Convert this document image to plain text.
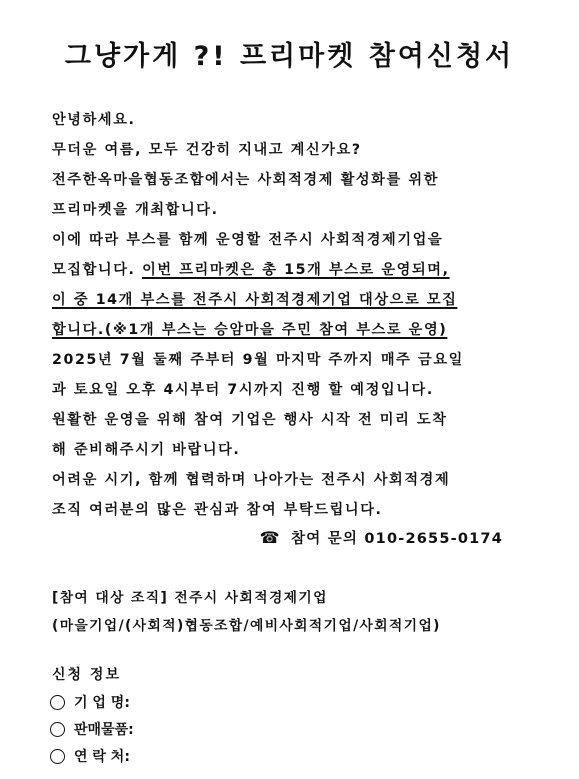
그냥가게 ?! 프리마켓 참여신청서
안녕하세요.
무더운 여름, 모두 건강히 지내고 계신가요?
전주한옥마을협동조합에서는 사회적경제 활성화를 위한
프리마켓을 개최합니다.
이에 따라 부스를 함께 운영할 전주시 사회적경제기업을
모집합니다. 이번 프리마켓은 총 15개 부스로 운영되며,
이 중 14개 부스를 전주시 사회적경제기업 대상으로 모집
합니다.(※1개 부스는 승암마을 주민 참여 부스로 운영)
2025년 7월 둘째 주부터 9월 마지막 주까지 매주 금요일
과 토요일 오후 4시부터 7시까지 진행 할 예정입니다.
원활한 운영을 위해 참여 기업은 행사 시작 전 미리 도착
해 준비해주시기 바랍니다.
어려운 시기, 함께 협력하며 나아가는 전주시 사회적경제
조직 여러분의 많은 관심과 참여 부탁드립니다.
☎ 참여 문의 010-2655-0174
[참여 대상 조직] 전주시 사회적경제기업
(마을기업/(사회적)협동조합/예비사회적기업/사회적기업)
신청 정보
기 업 명:
판매물품:
연 락 처:
